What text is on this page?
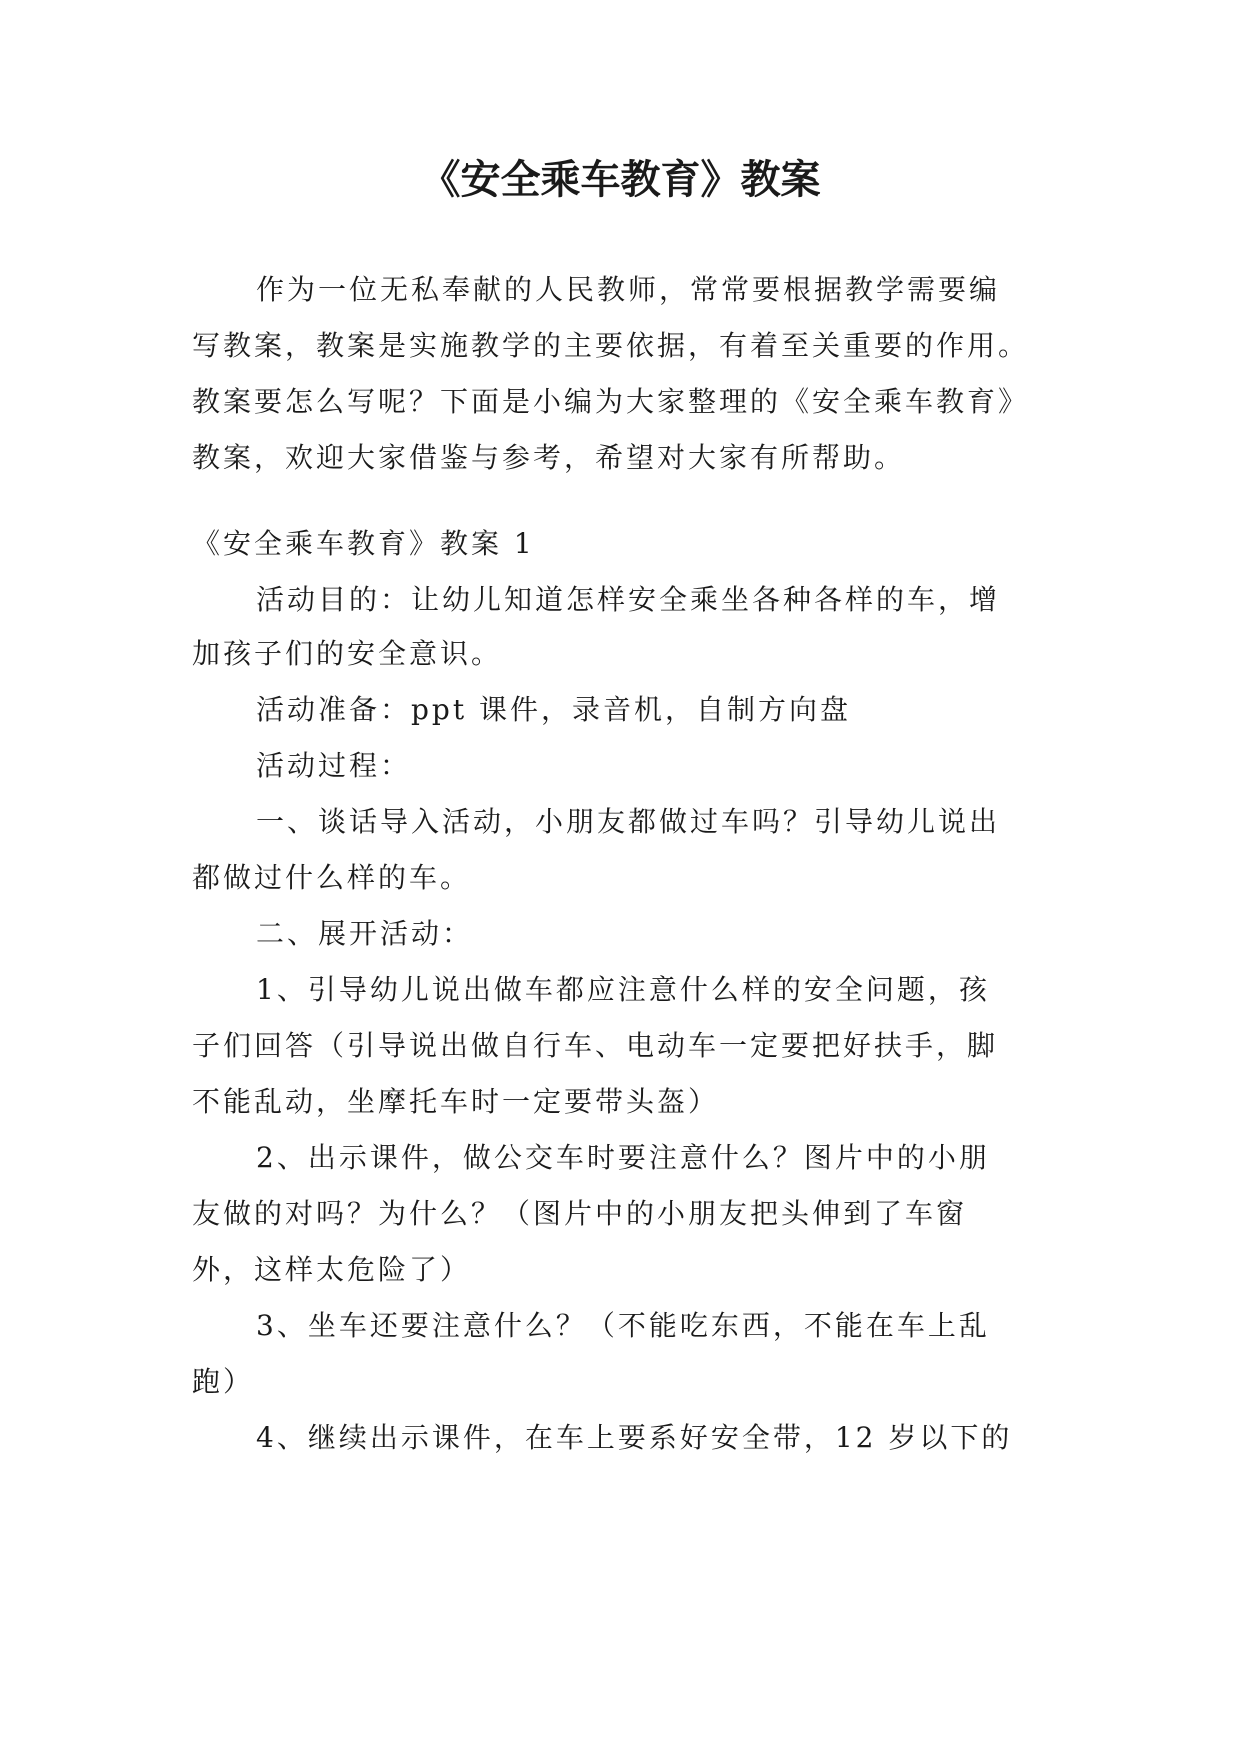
《安全乘车教育》教案
作为一位无私奉献的人民教师，常常要根据教学需要编
写教案，教案是实施教学的主要依据，有着至关重要的作用。
教案要怎么写呢？下面是小编为大家整理的《安全乘车教育》
教案，欢迎大家借鉴与参考，希望对大家有所帮助。
《安全乘车教育》教案 1
活动目的：让幼儿知道怎样安全乘坐各种各样的车，增
加孩子们的安全意识。
活动准备：ppt 课件，录音机，自制方向盘
活动过程：
一、谈话导入活动，小朋友都做过车吗？引导幼儿说出
都做过什么样的车。
二、展开活动：
1、引导幼儿说出做车都应注意什么样的安全问题，孩
子们回答（引导说出做自行车、电动车一定要把好扶手，脚
不能乱动，坐摩托车时一定要带头盔）
2、出示课件，做公交车时要注意什么？图片中的小朋
友做的对吗？为什么？（图片中的小朋友把头伸到了车窗
外，这样太危险了）
3、坐车还要注意什么？（不能吃东西，不能在车上乱
跑）
4、继续出示课件，在车上要系好安全带，12 岁以下的
